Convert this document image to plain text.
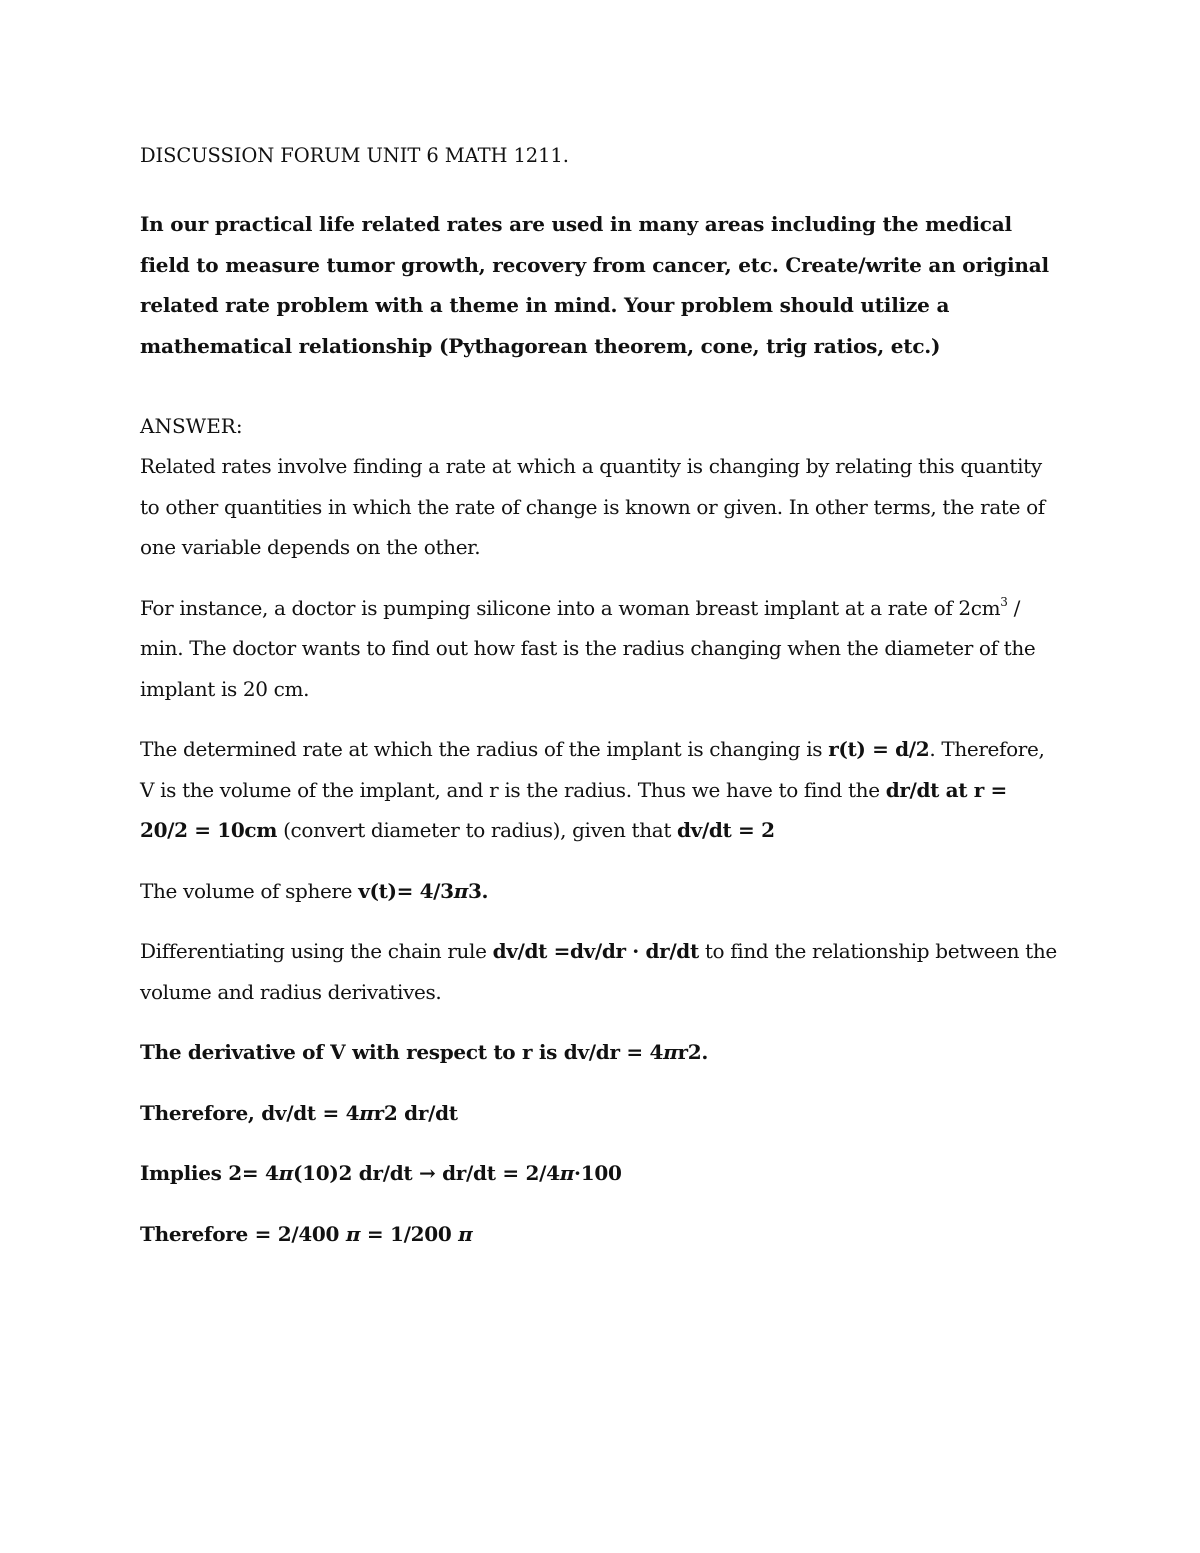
DISCUSSION FORUM UNIT 6 MATH 1211.

In our practical life related rates are used in many areas including the medical field to measure tumor growth, recovery from cancer, etc. Create/write an original related rate problem with a theme in mind. Your problem should utilize a mathematical relationship (Pythagorean theorem, cone, trig ratios, etc.)

ANSWER:

Related rates involve finding a rate at which a quantity is changing by relating this quantity to other quantities in which the rate of change is known or given. In other terms, the rate of one variable depends on the other.

For instance, a doctor is pumping silicone into a woman breast implant at a rate of $2cm^3$ / min. The doctor wants to find out how fast is the radius changing when the diameter of the implant is 20 cm.

The determined rate at which the radius of the implant is changing is r(t) = d/2. Therefore, V is the volume of the implant, and r is the radius. Thus we have to find the dr/dt at r = 20/2 = 10cm (convert diameter to radius), given that dv/dt = 2

The volume of sphere v(t)= 4/3π3.

Differentiating using the chain rule dv/dt =dv/dr · dr/dt to find the relationship between the volume and radius derivatives.

The derivative of V with respect to r is dv/dr = 4πr2.

Therefore, dv/dt = 4πr2 dr/dt

Implies 2= 4π(10)2 dr/dt → dr/dt = 2/4π·100

Therefore = 2/400 π = 1/200 π
